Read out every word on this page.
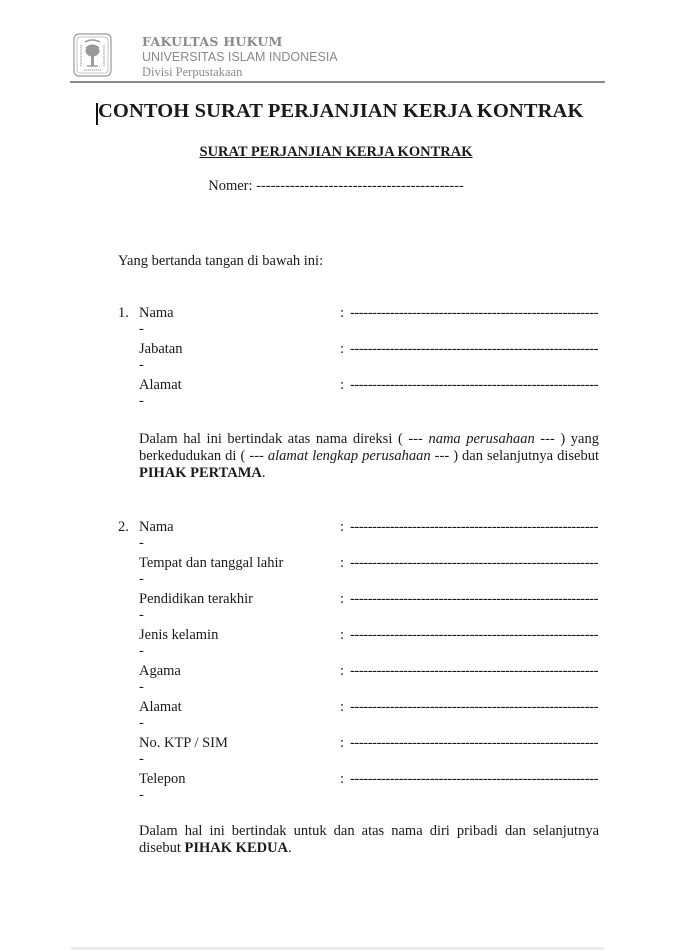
FAKULTAS HUKUM
UNIVERSITAS ISLAM INDONESIA
Divisi Perpustakaan
CONTOH SURAT PERJANJIAN KERJA KONTRAK
SURAT PERJANJIAN KERJA KONTRAK
Nomer: -------------------------------------------
Yang bertanda tangan di bawah ini:
1. Nama	: --------------------------------------------------------
-
Jabatan	: --------------------------------------------------------
-
Alamat	: --------------------------------------------------------
-
Dalam hal ini bertindak atas nama direksi ( --- nama perusahaan --- ) yang berkedudukan di ( --- alamat lengkap perusahaan --- ) dan selanjutnya disebut PIHAK PERTAMA.
2. Nama	: --------------------------------------------------------
-
Tempat dan tanggal lahir	: --------------------------------------------------------
-
Pendidikan terakhir	: --------------------------------------------------------
-
Jenis kelamin	: --------------------------------------------------------
-
Agama	: --------------------------------------------------------
-
Alamat	: --------------------------------------------------------
-
No. KTP / SIM	: --------------------------------------------------------
-
Telepon	: --------------------------------------------------------
-
Dalam hal ini bertindak untuk dan atas nama diri pribadi dan selanjutnya disebut PIHAK KEDUA.
